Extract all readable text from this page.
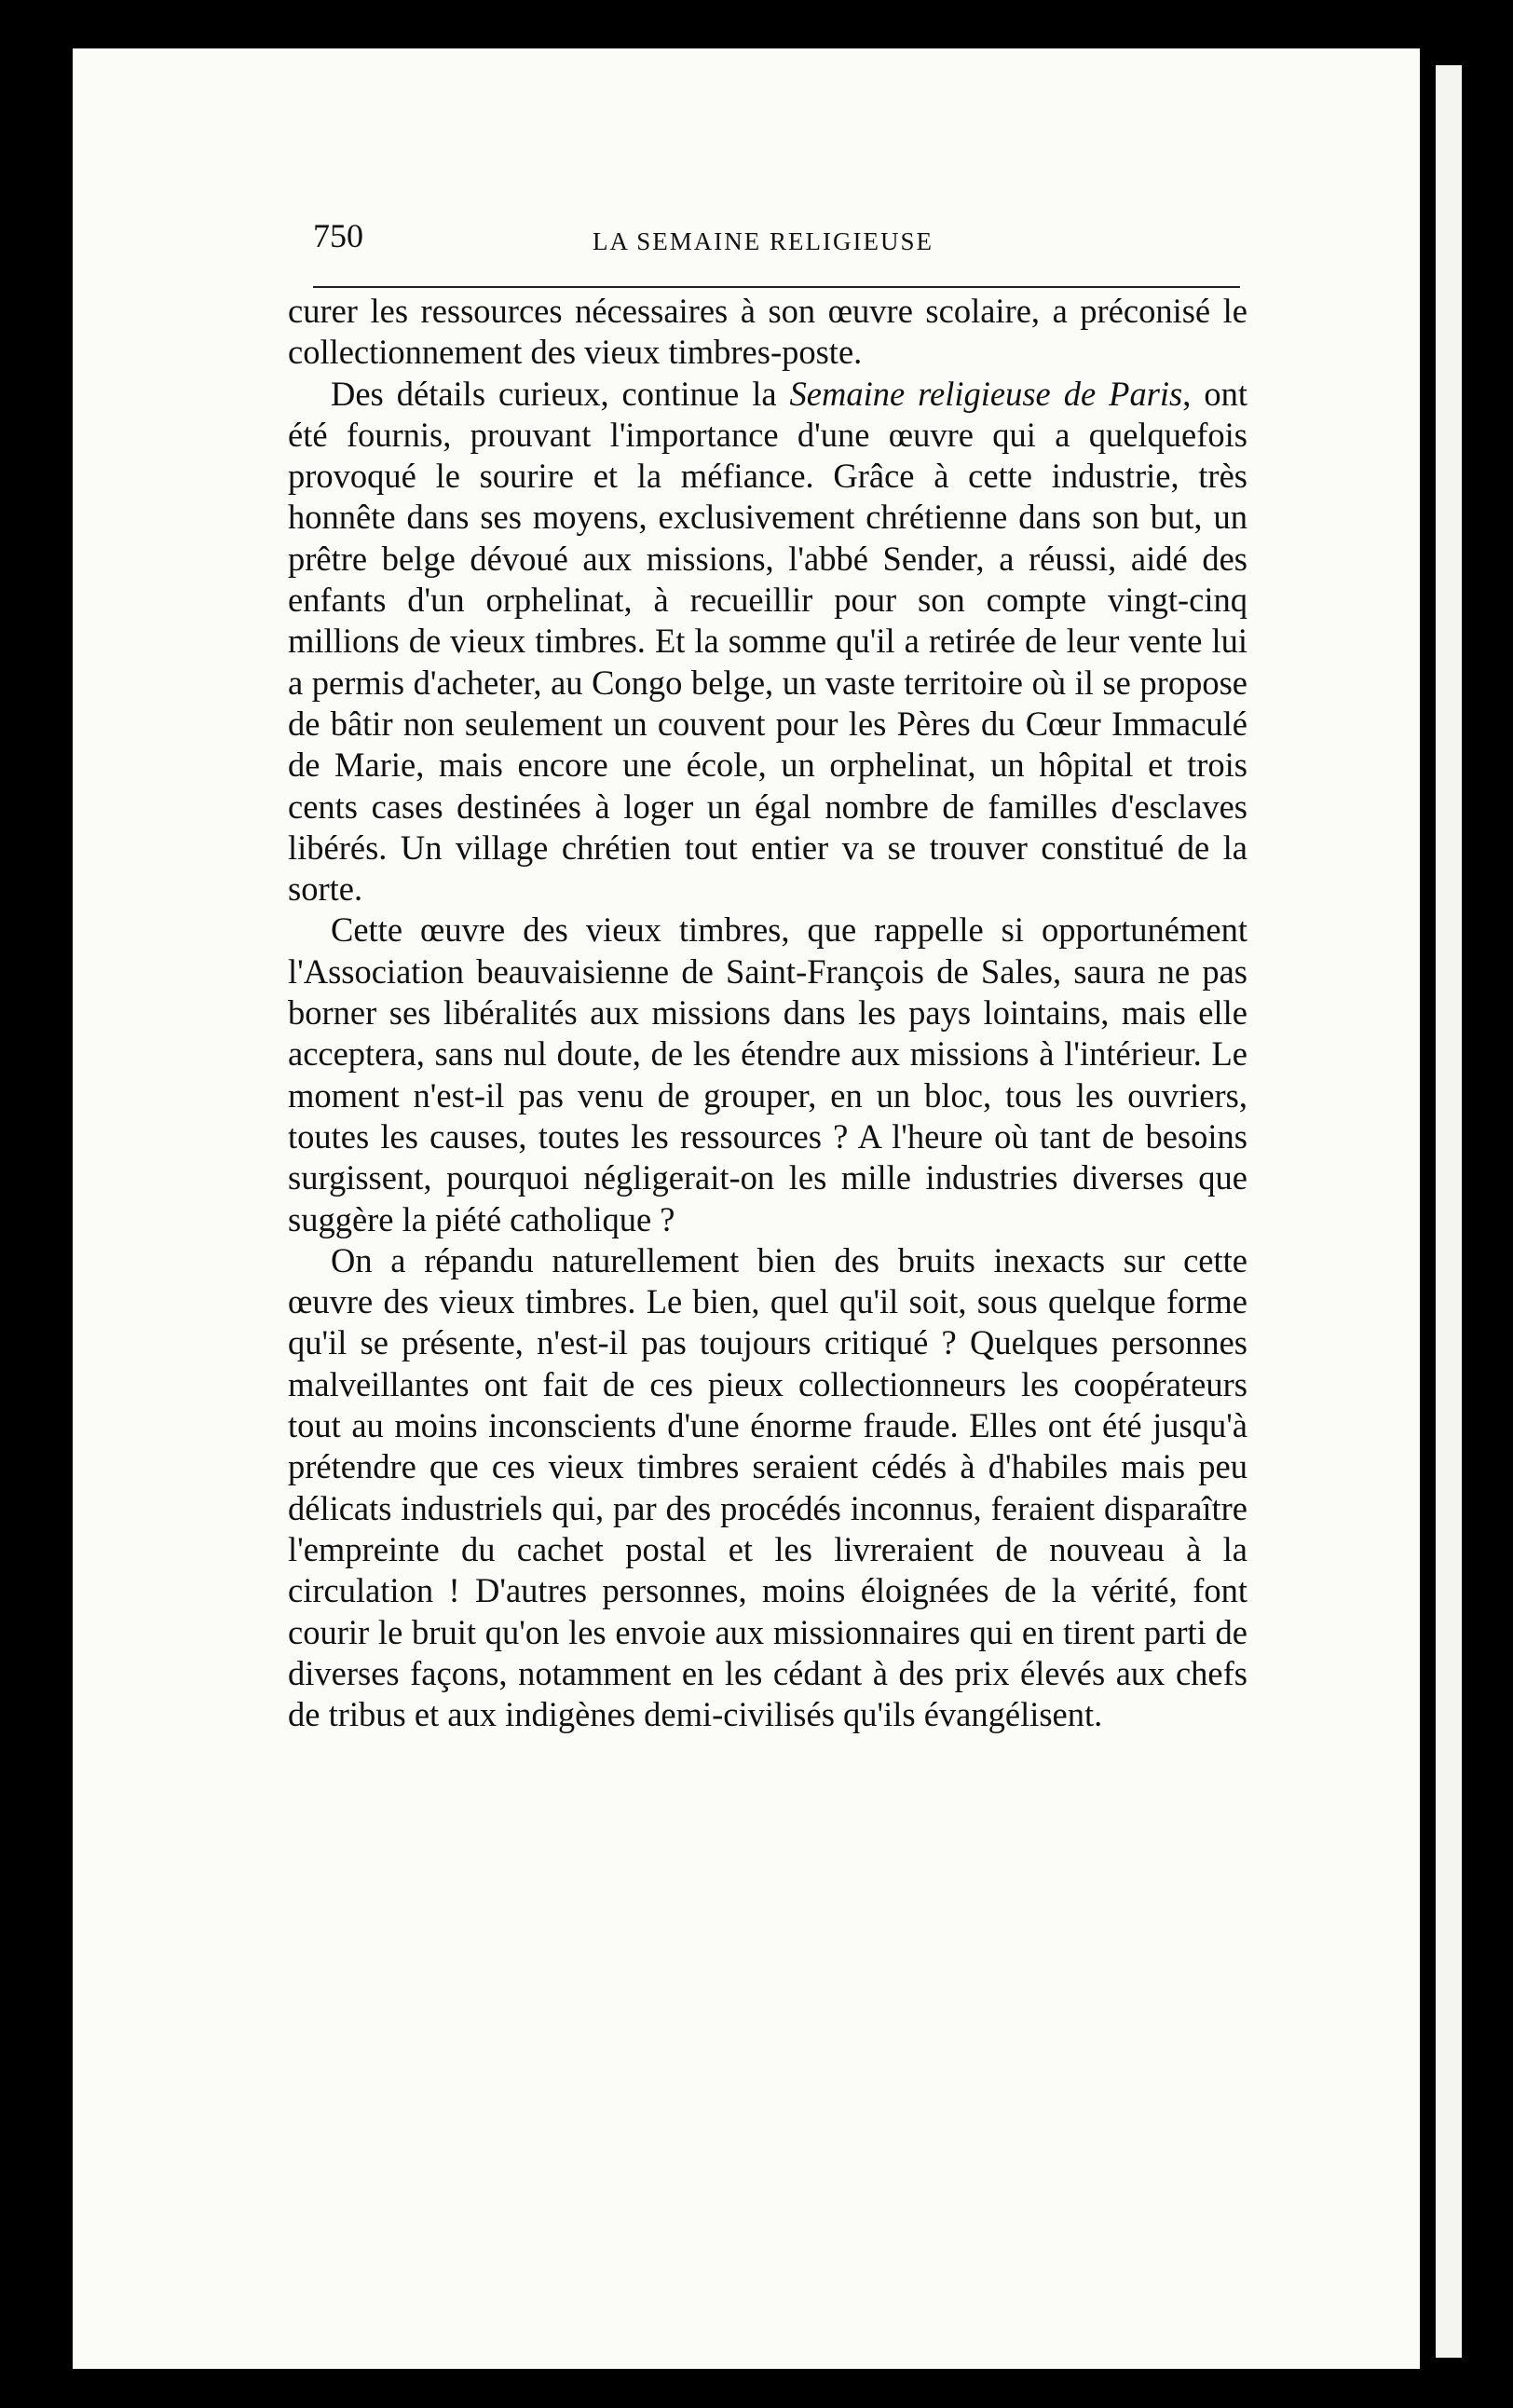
750	LA SEMAINE RELIGIEUSE

curer les ressources nécessaires à son œuvre scolaire, a préconisé le collectionnement des vieux timbres-poste.

Des détails curieux, continue la Semaine religieuse de Paris, ont été fournis, prouvant l'importance d'une œuvre qui a quelquefois provoqué le sourire et la méfiance. Grâce à cette industrie, très honnête dans ses moyens, exclusivement chrétienne dans son but, un prêtre belge dévoué aux missions, l'abbé Sender, a réussi, aidé des enfants d'un orphelinat, à recueillir pour son compte vingt-cinq millions de vieux timbres. Et la somme qu'il a retirée de leur vente lui a permis d'acheter, au Congo belge, un vaste territoire où il se propose de bâtir non seulement un couvent pour les Pères du Cœur Immaculé de Marie, mais encore une école, un orphelinat, un hôpital et trois cents cases destinées à loger un égal nombre de familles d'esclaves libérés. Un village chrétien tout entier va se trouver constitué de la sorte.

Cette œuvre des vieux timbres, que rappelle si opportunément l'Association beauvaisienne de Saint-François de Sales, saura ne pas borner ses libéralités aux missions dans les pays lointains, mais elle acceptera, sans nul doute, de les étendre aux missions à l'intérieur. Le moment n'est-il pas venu de grouper, en un bloc, tous les ouvriers, toutes les causes, toutes les ressources ? A l'heure où tant de besoins surgissent, pourquoi négligerait-on les mille industries diverses que suggère la piété catholique ?

On a répandu naturellement bien des bruits inexacts sur cette œuvre des vieux timbres. Le bien, quel qu'il soit, sous quelque forme qu'il se présente, n'est-il pas toujours critiqué ? Quelques personnes malveillantes ont fait de ces pieux collectionneurs les coopérateurs tout au moins inconscients d'une énorme fraude. Elles ont été jusqu'à prétendre que ces vieux timbres seraient cédés à d'habiles mais peu délicats industriels qui, par des procédés inconnus, feraient disparaître l'empreinte du cachet postal et les livreraient de nouveau à la circulation ! D'autres personnes, moins éloignées de la vérité, font courir le bruit qu'on les envoie aux missionnaires qui en tirent parti de diverses façons, notamment en les cédant à des prix élevés aux chefs de tribus et aux indigènes demi-civilisés qu'ils évangélisent.
